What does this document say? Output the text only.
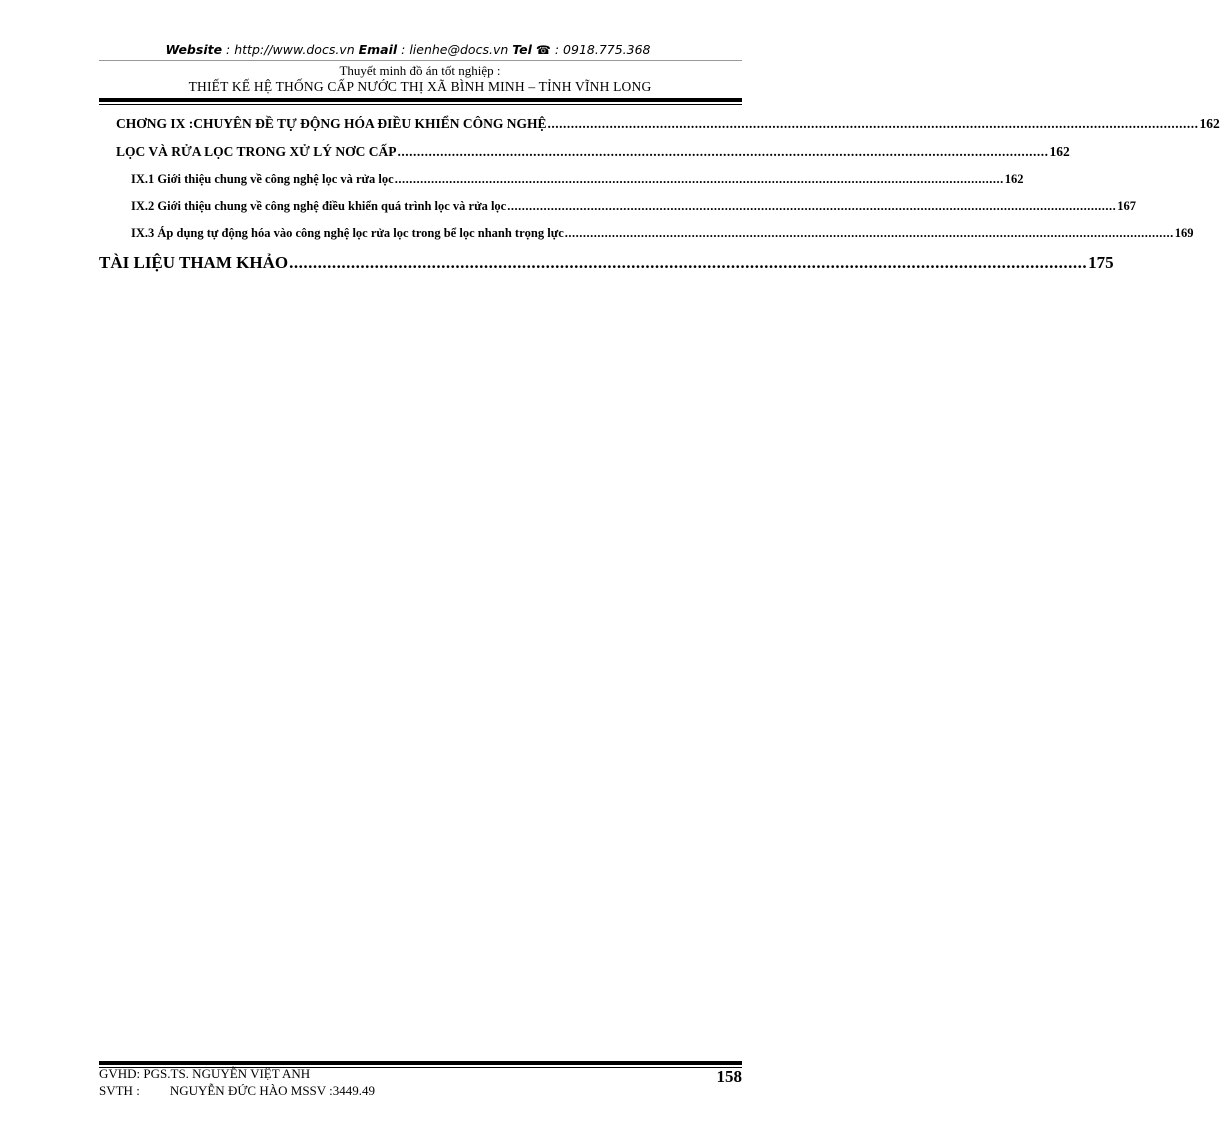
Website : http://www.docs.vn Email : lienhe@docs.vn Tel ☎ : 0918.775.368
Thuyết minh đồ án tốt nghiệp :
THIẾT KẾ HỆ THỐNG CẤP NƯỚC THỊ XÃ BÌNH MINH – TỈNH VĨNH LONG
CHƠNG IX :CHUYÊN ĐỀ TỰ ĐỘNG HÓA ĐIỀU KHIỂN CÔNG NGHỆ ........................................................................................................................................................................ 162
LỌC VÀ RỬA LỌC TRONG XỬ LÝ NƠC CẤP ........................................................................................................................................................................ 162
IX.1 Giới thiệu chung về công nghệ lọc và rửa lọc ........................................................................................................................................................................ 162
IX.2 Giới thiệu chung về công nghệ điều khiển quá trình lọc và rửa lọc ........................................................................................................................................................................ 167
IX.3 Áp dụng tự động hóa vào công nghệ lọc rửa lọc trong bể lọc nhanh trọng lực ........................................................................................................................................................................ 169
TÀI LIỆU THAM KHẢO ........................................................................................................................................................................ 175
GVHD: PGS.TS. NGUYỄN VIỆT ANH
SVTH : NGUYỄN ĐỨC HÀO MSSV :3449.49
158
